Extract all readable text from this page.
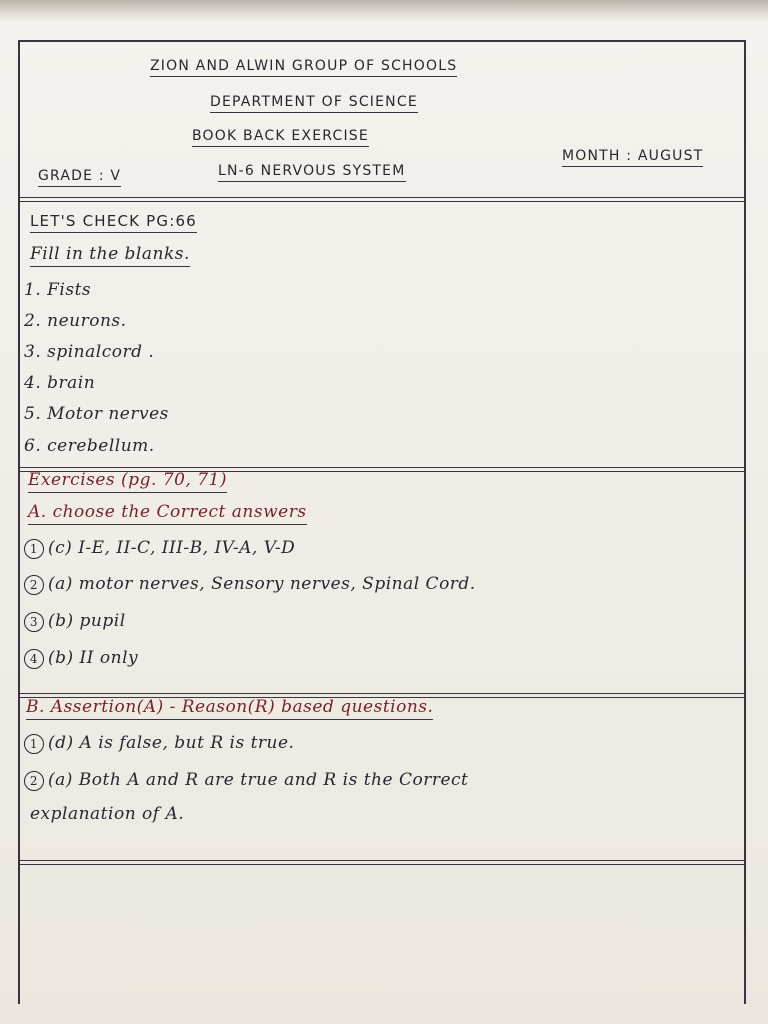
ZION AND ALWIN GROUP OF SCHOOLS
DEPARTMENT OF SCIENCE
BOOK BACK EXERCISE
GRADE : V	LN-6 NERVOUS SYSTEM
MONTH : AUGUST
LET'S CHECK PG:66
Fill in the blanks.
1. Fists
2. neurons.
3. spinalcord .
4. brain
5. Motor nerves
6. cerebellum.
Exercises (pg. 70, 71)
A. choose the Correct answers
1 (c) I-E, II-C, III-B, IV-A, V-D
2 (a) motor nerves, Sensory nerves, Spinal Cord.
3 (b) pupil
4 (b) II only
B. Assertion(A) - Reason(R) based questions.
1 (d) A is false, but R is true.
2 (a) Both A and R are true and R is the Correct
explanation of A.
